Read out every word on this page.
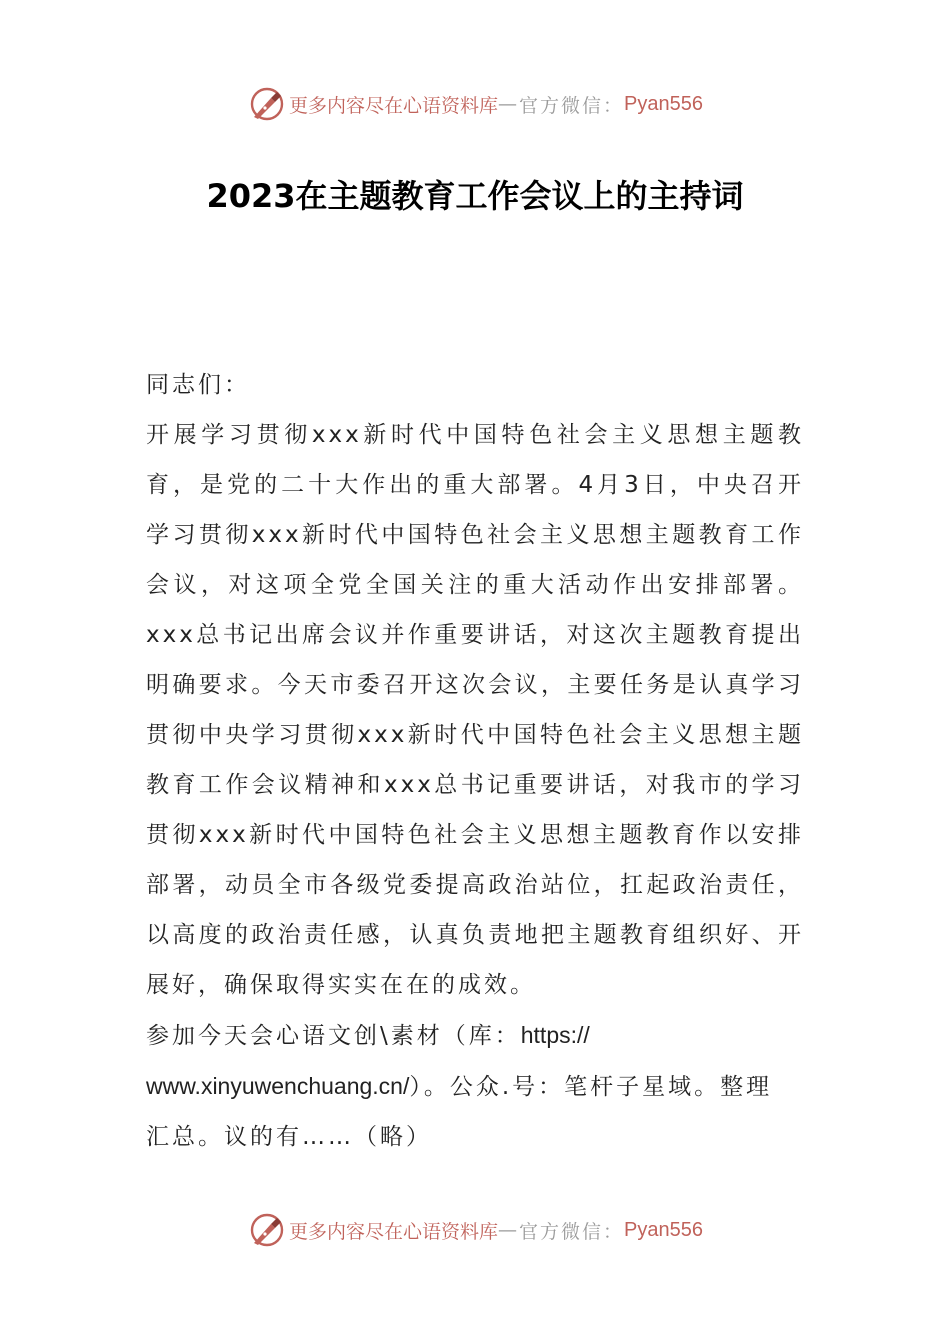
更多内容尽在心语资料库 — 官方微信： Pyan556
2023在主题教育工作会议上的主持词

同志们：

开展学习贯彻xxx新时代中国特色社会主义思想主题教育，是党的二十大作出的重大部署。4月3日，中央召开学习贯彻xxx新时代中国特色社会主义思想主题教育工作会议，对这项全党全国关注的重大活动作出安排部署。xxx总书记出席会议并作重要讲话，对这次主题教育提出明确要求。今天市委召开这次会议，主要任务是认真学习贯彻中央学习贯彻xxx新时代中国特色社会主义思想主题教育工作会议精神和xxx总书记重要讲话，对我市的学习贯彻xxx新时代中国特色社会主义思想主题教育作以安排部署，动员全市各级党委提高政治站位，扛起政治责任，以高度的政治责任感，认真负责地把主题教育组织好、开展好，确保取得实实在在的成效。

参加今天会心语文创\素材（库：https://
www.xinyuwenchuang.cn/）。公众.号：笔杆子星域。整理
汇总。议的有……（略）

更多内容尽在心语资料库 — 官方微信： Pyan556
